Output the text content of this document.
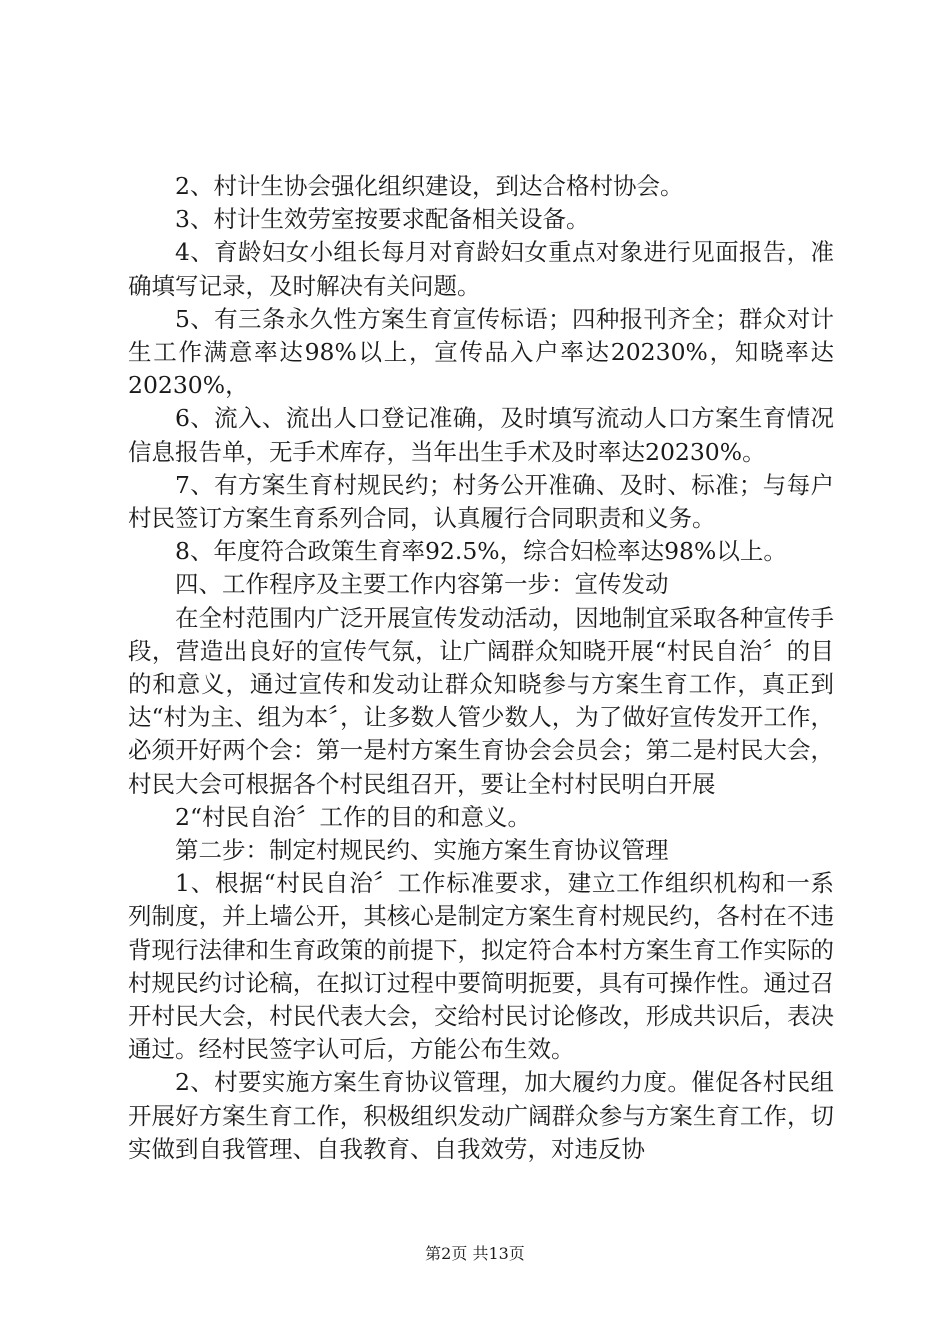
2、村计生协会强化组织建设，到达合格村协会。

3、村计生效劳室按要求配备相关设备。

4、育龄妇女小组长每月对育龄妇女重点对象进行见面报告，准确填写记录，及时解决有关问题。

5、有三条永久性方案生育宣传标语；四种报刊齐全；群众对计生工作满意率达98%以上，宣传品入户率达20230%，知晓率达20230%，

6、流入、流出人口登记准确，及时填写流动人口方案生育情况信息报告单，无手术库存，当年出生手术及时率达20230%。

7、有方案生育村规民约；村务公开准确、及时、标准；与每户村民签订方案生育系列合同，认真履行合同职责和义务。

8、年度符合政策生育率92.5%，综合妇检率达98%以上。

四、工作程序及主要工作内容第一步：宣传发动

在全村范围内广泛开展宣传发动活动，因地制宜采取各种宣传手段，营造出良好的宣传气氛，让广阔群众知晓开展“村民自治〞的目的和意义，通过宣传和发动让群众知晓参与方案生育工作，真正到达“村为主、组为本〞，让多数人管少数人，为了做好宣传发开工作，必须开好两个会：第一是村方案生育协会会员会；第二是村民大会，村民大会可根据各个村民组召开，要让全村村民明白开展

2“村民自治〞工作的目的和意义。

第二步：制定村规民约、实施方案生育协议管理

1、根据“村民自治〞工作标准要求，建立工作组织机构和一系列制度，并上墙公开，其核心是制定方案生育村规民约，各村在不违背现行法律和生育政策的前提下，拟定符合本村方案生育工作实际的村规民约讨论稿，在拟订过程中要简明扼要，具有可操作性。通过召开村民大会，村民代表大会，交给村民讨论修改，形成共识后，表决通过。经村民签字认可后，方能公布生效。

2、村要实施方案生育协议管理，加大履约力度。催促各村民组开展好方案生育工作，积极组织发动广阔群众参与方案生育工作，切实做到自我管理、自我教育、自我效劳，对违反协

第2页 共13页
